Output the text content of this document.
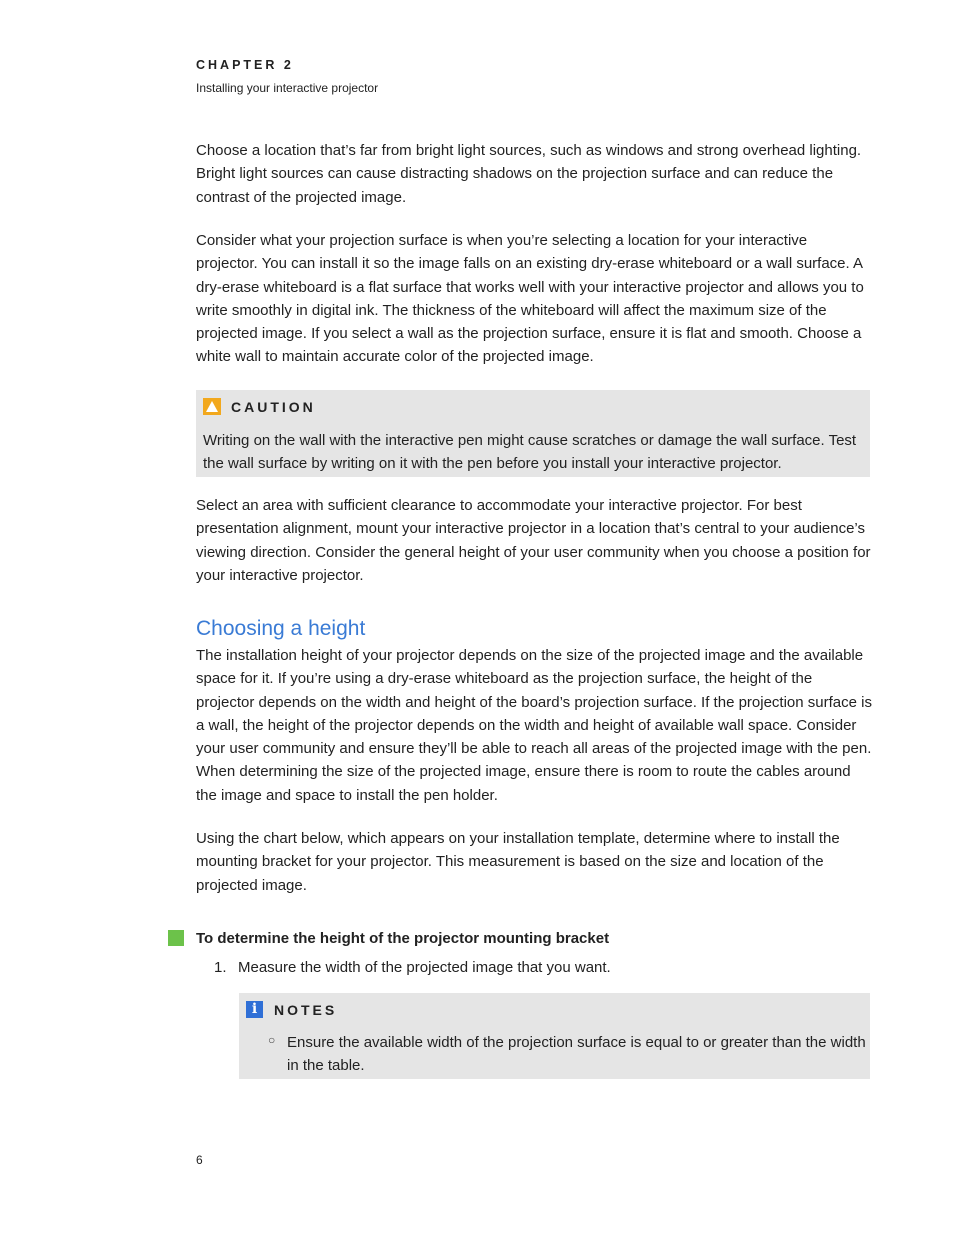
CHAPTER 2
Installing your interactive projector

Choose a location that’s far from bright light sources, such as windows and strong overhead lighting. Bright light sources can cause distracting shadows on the projection surface and can reduce the contrast of the projected image.

Consider what your projection surface is when you’re selecting a location for your interactive projector. You can install it so the image falls on an existing dry-erase whiteboard or a wall surface. A dry-erase whiteboard is a flat surface that works well with your interactive projector and allows you to write smoothly in digital ink. The thickness of the whiteboard will affect the maximum size of the projected image. If you select a wall as the projection surface, ensure it is flat and smooth. Choose a white wall to maintain accurate color of the projected image.

CAUTION
Writing on the wall with the interactive pen might cause scratches or damage the wall surface. Test the wall surface by writing on it with the pen before you install your interactive projector.

Select an area with sufficient clearance to accommodate your interactive projector. For best presentation alignment, mount your interactive projector in a location that’s central to your audience’s viewing direction. Consider the general height of your user community when you choose a position for your interactive projector.

Choosing a height

The installation height of your projector depends on the size of the projected image and the available space for it. If you’re using a dry-erase whiteboard as the projection surface, the height of the projector depends on the width and height of the board’s projection surface. If the projection surface is a wall, the height of the projector depends on the width and height of available wall space. Consider your user community and ensure they’ll be able to reach all areas of the projected image with the pen. When determining the size of the projected image, ensure there is room to route the cables around the image and space to install the pen holder.

Using the chart below, which appears on your installation template, determine where to install the mounting bracket for your projector. This measurement is based on the size and location of the projected image.

To determine the height of the projector mounting bracket
1. Measure the width of the projected image that you want.
i	NOTES
○ Ensure the available width of the projection surface is equal to or greater than the width in the table.
6
